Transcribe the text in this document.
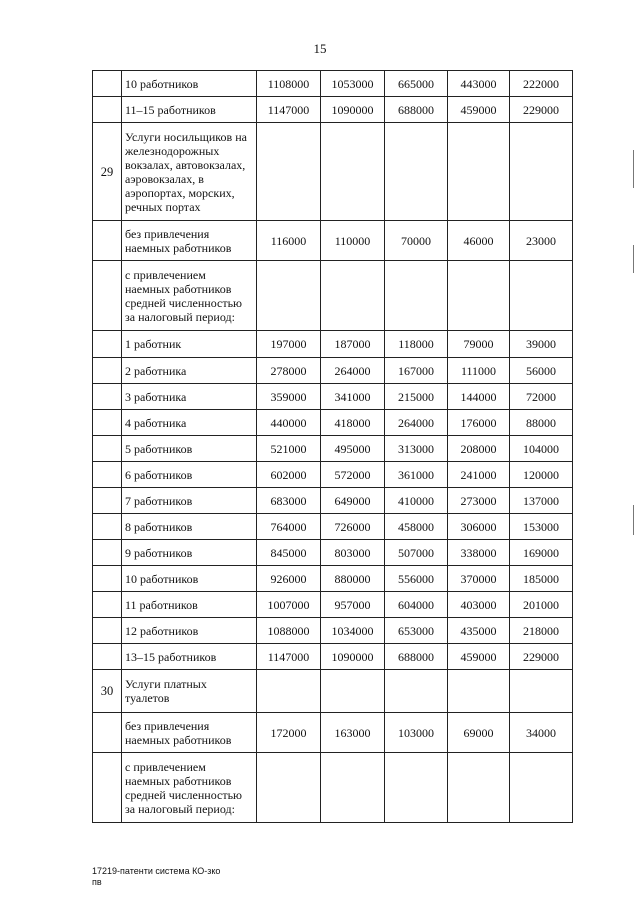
15
	10 работников	1108000	1053000	665000	443000	222000
	11–15 работников	1147000	1090000	688000	459000	229000
29	Услуги носильщиков на железнодорожных вокзалах, автовокзалах, аэровокзалах, в аэропортах, морских, речных портах					
	без привлечения наемных работников	116000	110000	70000	46000	23000
	с привлечением наемных работников средней численностью за налоговый период:					
	1 работник	197000	187000	118000	79000	39000
	2 работника	278000	264000	167000	111000	56000
	3 работника	359000	341000	215000	144000	72000
	4 работника	440000	418000	264000	176000	88000
	5 работников	521000	495000	313000	208000	104000
	6 работников	602000	572000	361000	241000	120000
	7 работников	683000	649000	410000	273000	137000
	8 работников	764000	726000	458000	306000	153000
	9 работников	845000	803000	507000	338000	169000
	10 работников	926000	880000	556000	370000	185000
	11 работников	1007000	957000	604000	403000	201000
	12 работников	1088000	1034000	653000	435000	218000
	13–15 работников	1147000	1090000	688000	459000	229000
30	Услуги платных туалетов					
	без привлечения наемных работников	172000	163000	103000	69000	34000
	с привлечением наемных работников средней численностью за налоговый период:					
17219-патенти система КО-зко
пв
